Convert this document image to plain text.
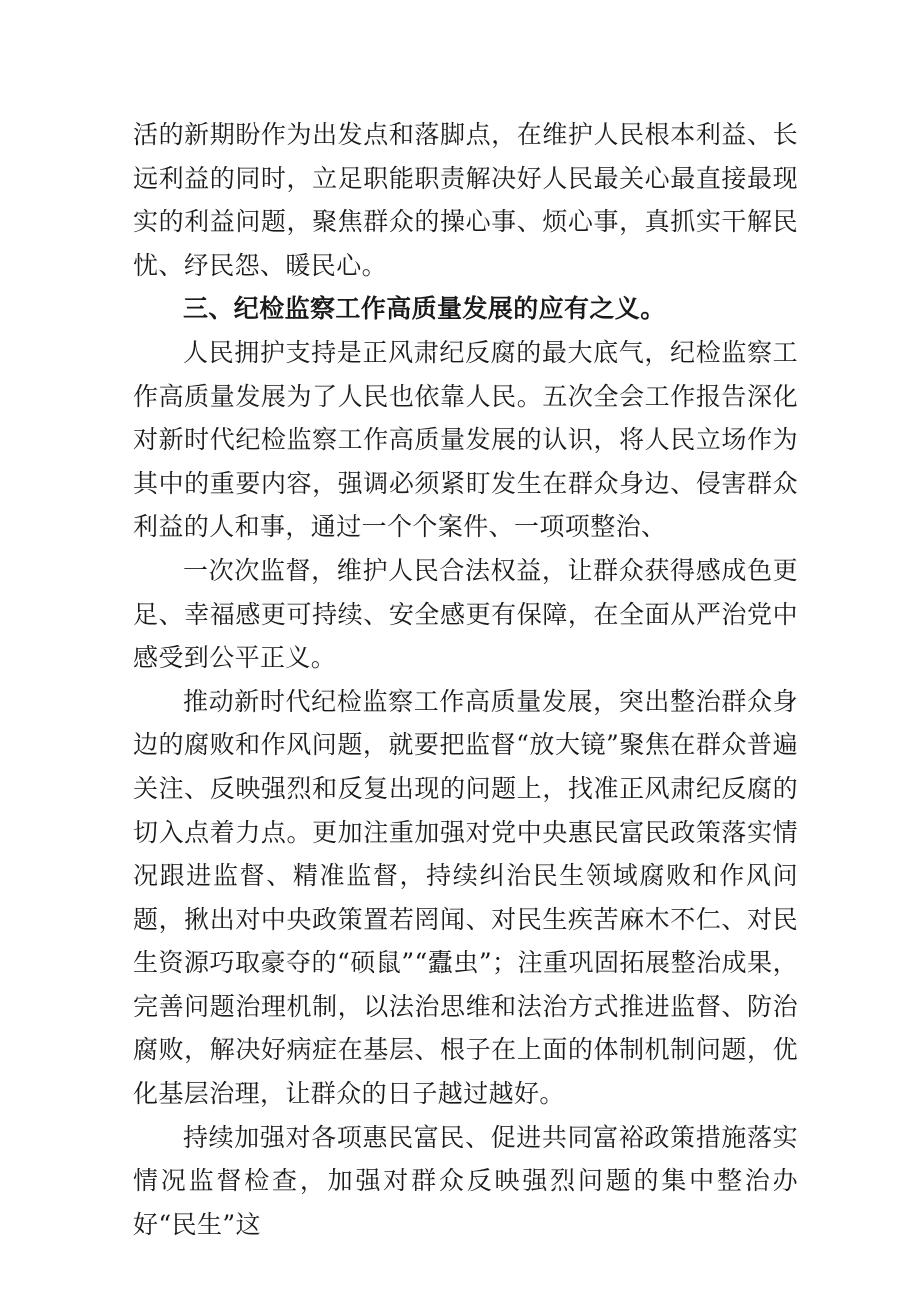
活的新期盼作为出发点和落脚点，在维护人民根本利益、长远利益的同时，立足职能职责解决好人民最关心最直接最现实的利益问题，聚焦群众的操心事、烦心事，真抓实干解民忧、纾民怨、暖民心。

三、纪检监察工作高质量发展的应有之义。

人民拥护支持是正风肃纪反腐的最大底气，纪检监察工作高质量发展为了人民也依靠人民。五次全会工作报告深化对新时代纪检监察工作高质量发展的认识，将人民立场作为其中的重要内容，强调必须紧盯发生在群众身边、侵害群众利益的人和事，通过一个个案件、一项项整治、

一次次监督，维护人民合法权益，让群众获得感成色更足、幸福感更可持续、安全感更有保障，在全面从严治党中感受到公平正义。

推动新时代纪检监察工作高质量发展，突出整治群众身边的腐败和作风问题，就要把监督“放大镜”聚焦在群众普遍关注、反映强烈和反复出现的问题上，找准正风肃纪反腐的切入点着力点。更加注重加强对党中央惠民富民政策落实情况跟进监督、精准监督，持续纠治民生领域腐败和作风问题，揪出对中央政策置若罔闻、对民生疾苦麻木不仁、对民生资源巧取豪夺的“硕鼠”“蠹虫”；注重巩固拓展整治成果，完善问题治理机制，以法治思维和法治方式推进监督、防治腐败，解决好病症在基层、根子在上面的体制机制问题，优化基层治理，让群众的日子越过越好。

持续加强对各项惠民富民、促进共同富裕政策措施落实情况监督检查，加强对群众反映强烈问题的集中整治办好“民生”这
